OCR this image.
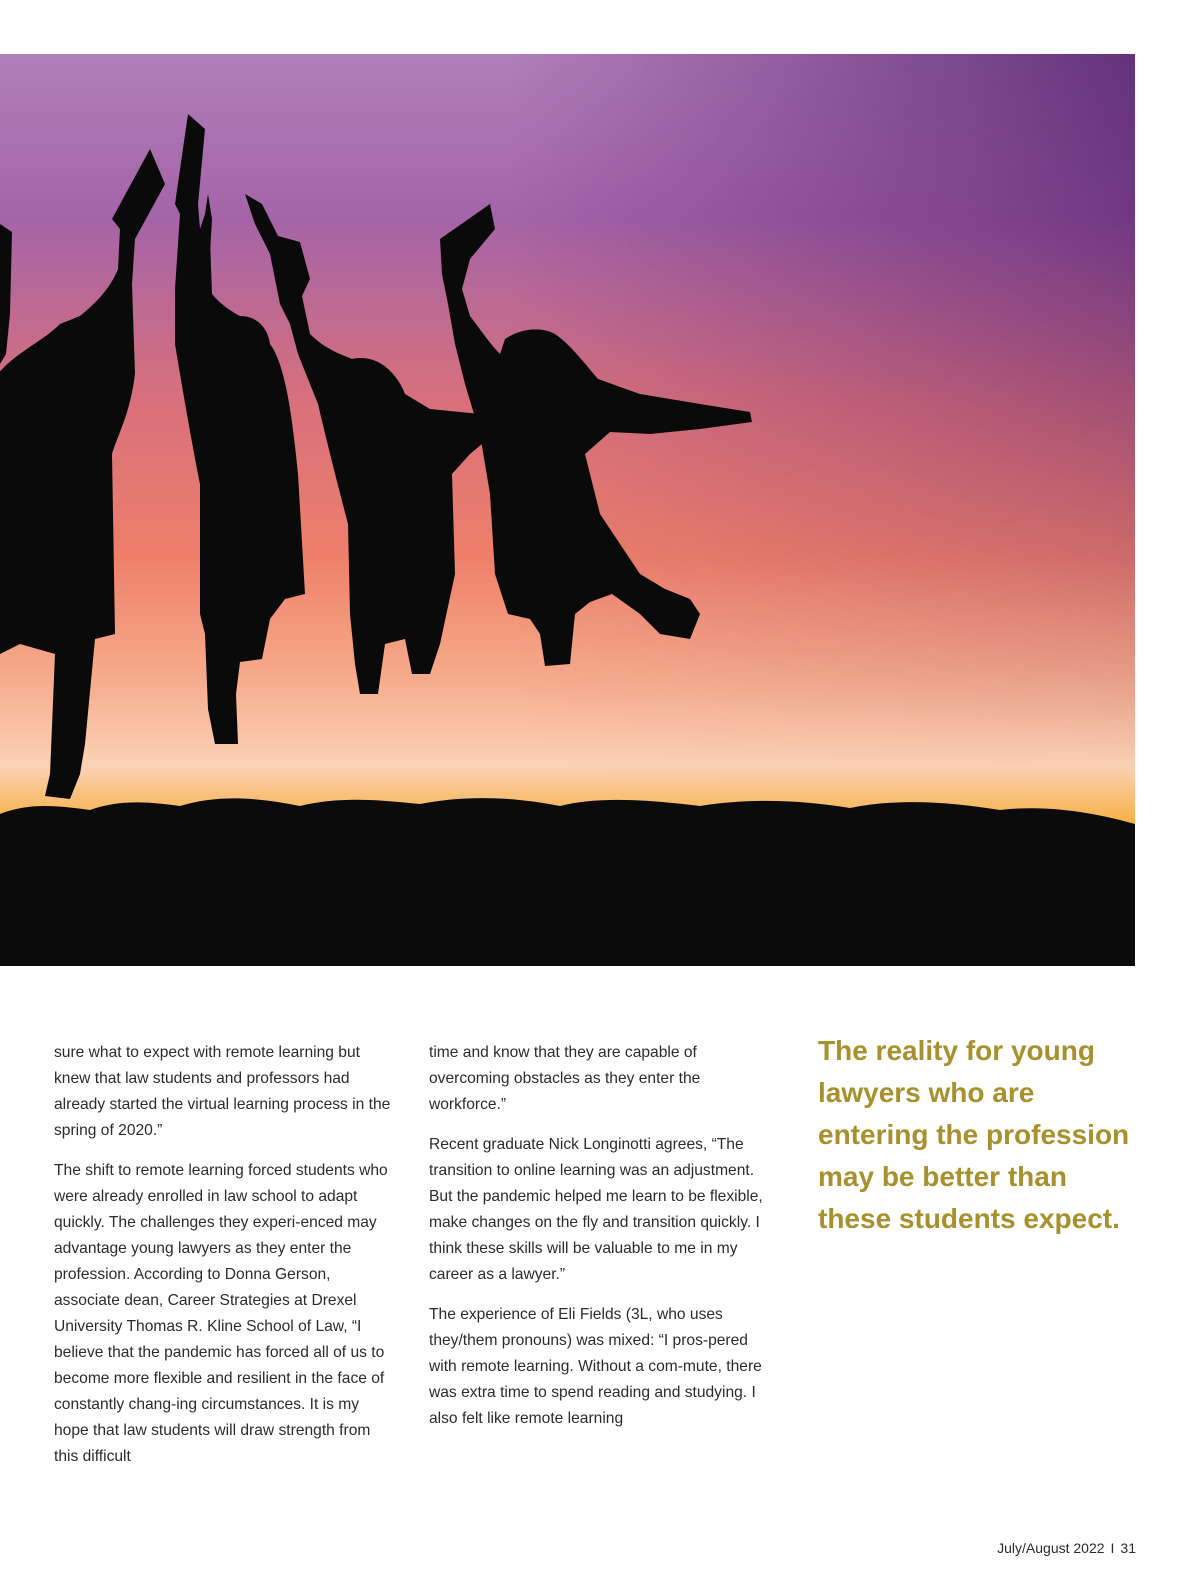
sure what to expect with remote learning but knew that law students and professors had already started the virtual learning process in the spring of 2020.”

The shift to remote learning forced students who were already enrolled in law school to adapt quickly. The challenges they experi-enced may advantage young lawyers as they enter the profession. According to Donna Gerson, associate dean, Career Strategies at Drexel University Thomas R. Kline School of Law, “I believe that the pandemic has forced all of us to become more flexible and resilient in the face of constantly chang-ing circumstances. It is my hope that law students will draw strength from this difficult

time and know that they are capable of overcoming obstacles as they enter the workforce.”

Recent graduate Nick Longinotti agrees, “The transition to online learning was an adjustment. But the pandemic helped me learn to be flexible, make changes on the fly and transition quickly. I think these skills will be valuable to me in my career as a lawyer.”

The experience of Eli Fields (3L, who uses they/them pronouns) was mixed: “I pros-pered with remote learning. Without a com-mute, there was extra time to spend reading and studying. I also felt like remote learning

The reality for young lawyers who are entering the profession may be better than these students expect.
July/August 2022 I 31
